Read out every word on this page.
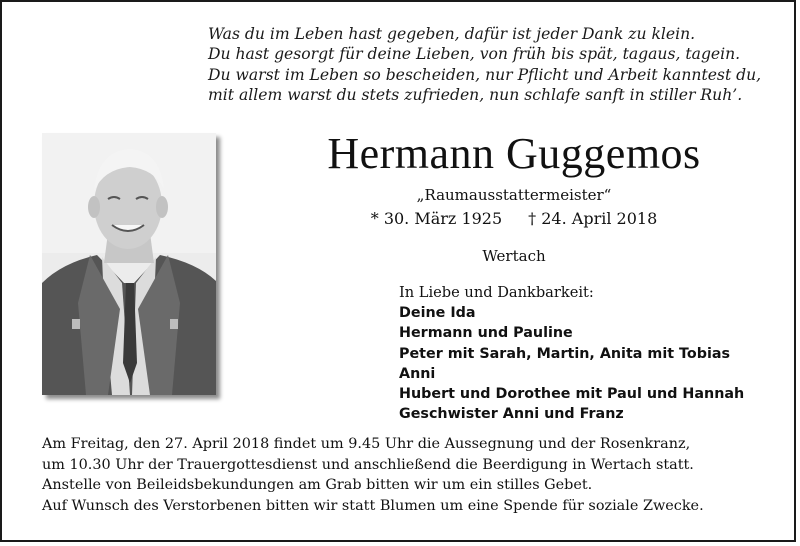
Was du im Leben hast gegeben, dafür ist jeder Dank zu klein.
Du hast gesorgt für deine Lieben, von früh bis spät, tagaus, tagein.
Du warst im Leben so bescheiden, nur Pflicht und Arbeit kanntest du,
mit allem warst du stets zufrieden, nun schlafe sanft in stiller Ruh’.
Hermann Guggemos
„Raumausstattermeister“
* 30. März 1925 † 24. April 2018
Wertach
In Liebe und Dankbarkeit:
Deine Ida
Hermann und Pauline
Peter mit Sarah, Martin, Anita mit Tobias
Anni
Hubert und Dorothee mit Paul und Hannah
Geschwister Anni und Franz

Am Freitag, den 27. April 2018 findet um 9.45 Uhr die Aussegnung und der Rosenkranz,

um 10.30 Uhr der Trauergottesdienst und anschließend die Beerdigung in Wertach statt.

Anstelle von Beileidsbekundungen am Grab bitten wir um ein stilles Gebet.

Auf Wunsch des Verstorbenen bitten wir statt Blumen um eine Spende für soziale Zwecke.
